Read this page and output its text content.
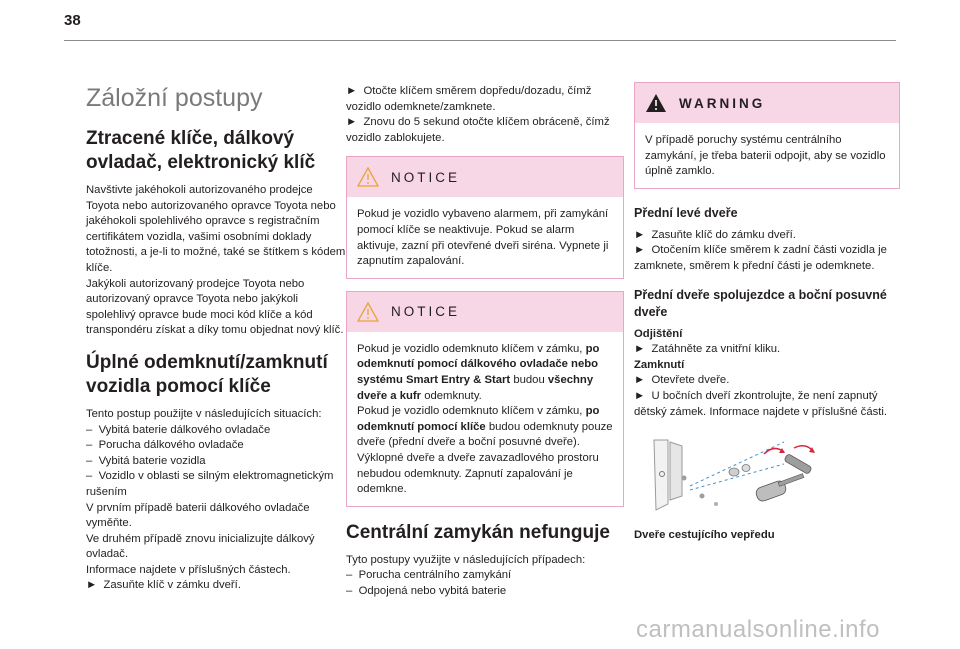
38
Záložní postupy
Ztracené klíče, dálkový ovladač, elektronický klíč

Navštivte jakéhokoli autorizovaného prodejce Toyota nebo autorizovaného opravce Toyota nebo jakéhokoli spolehlivého opravce s registračním certifikátem vozidla, vašimi osobními doklady totožnosti, a je-li to možné, také se štítkem s kódem klíče.

Jakýkoli autorizovaný prodejce Toyota nebo autorizovaný opravce Toyota nebo jakýkoli spolehlivý opravce bude moci kód klíče a kód transpondéru získat a díky tomu objednat nový klíč.

Úplné odemknutí/zamknutí vozidla pomocí klíče

Tento postup použijte v následujících situacích:

–  Vybitá baterie dálkového ovladače

–  Porucha dálkového ovladače

–  Vybitá baterie vozidla

–  Vozidlo v oblasti se silným elektromagnetickým rušením

V prvním případě baterii dálkového ovladače vyměňte.

Ve druhém případě znovu inicializujte dálkový ovladač.

Informace najdete v příslušných částech.

►  Zasuňte klíč v zámku dveří.

►  Otočte klíčem směrem dopředu/dozadu, čímž vozidlo odemknete/zamknete.

►  Znovu do 5 sekund otočte klíčem obráceně, čímž vozidlo zablokujete.

NOTICE

Pokud je vozidlo vybaveno alarmem, při zamykání pomocí klíče se neaktivuje. Pokud se alarm aktivuje, zazní při otevřené dveři siréna. Vypnete ji zapnutím zapalování.

NOTICE

Pokud je vozidlo odemknuto klíčem v zámku, po odemknutí pomocí dálkového ovladače nebo systému Smart Entry & Start budou všechny dveře a kufr odemknuty.

Pokud je vozidlo odemknuto klíčem v zámku, po odemknutí pomocí klíče budou odemknuty pouze dveře (přední dveře a boční posuvné dveře). Výklopné dveře a dveře zavazadlového prostoru nebudou odemknuty. Zapnutí zapalování je odemkne.

Centrální zamykán nefunguje

Tyto postupy využijte v následujících případech:

–  Porucha centrálního zamykání

–  Odpojená nebo vybitá baterie

WARNING

V případě poruchy systému centrálního zamykání, je třeba baterii odpojit, aby se vozidlo úplně zamklo.

Přední levé dveře

►  Zasuňte klíč do zámku dveří.

►  Otočením klíče směrem k zadní části vozidla je zamknete, směrem k přední části je odemknete.

Přední dveře spolujezdce a boční posuvné dveře

Odjištění

►  Zatáhněte za vnitřní kliku.

Zamknutí

►  Otevřete dveře.

►  U bočních dveří zkontrolujte, že není zapnutý dětský zámek. Informace najdete v příslušné části.

Dveře cestujícího vepředu

carmanualsonline.info
